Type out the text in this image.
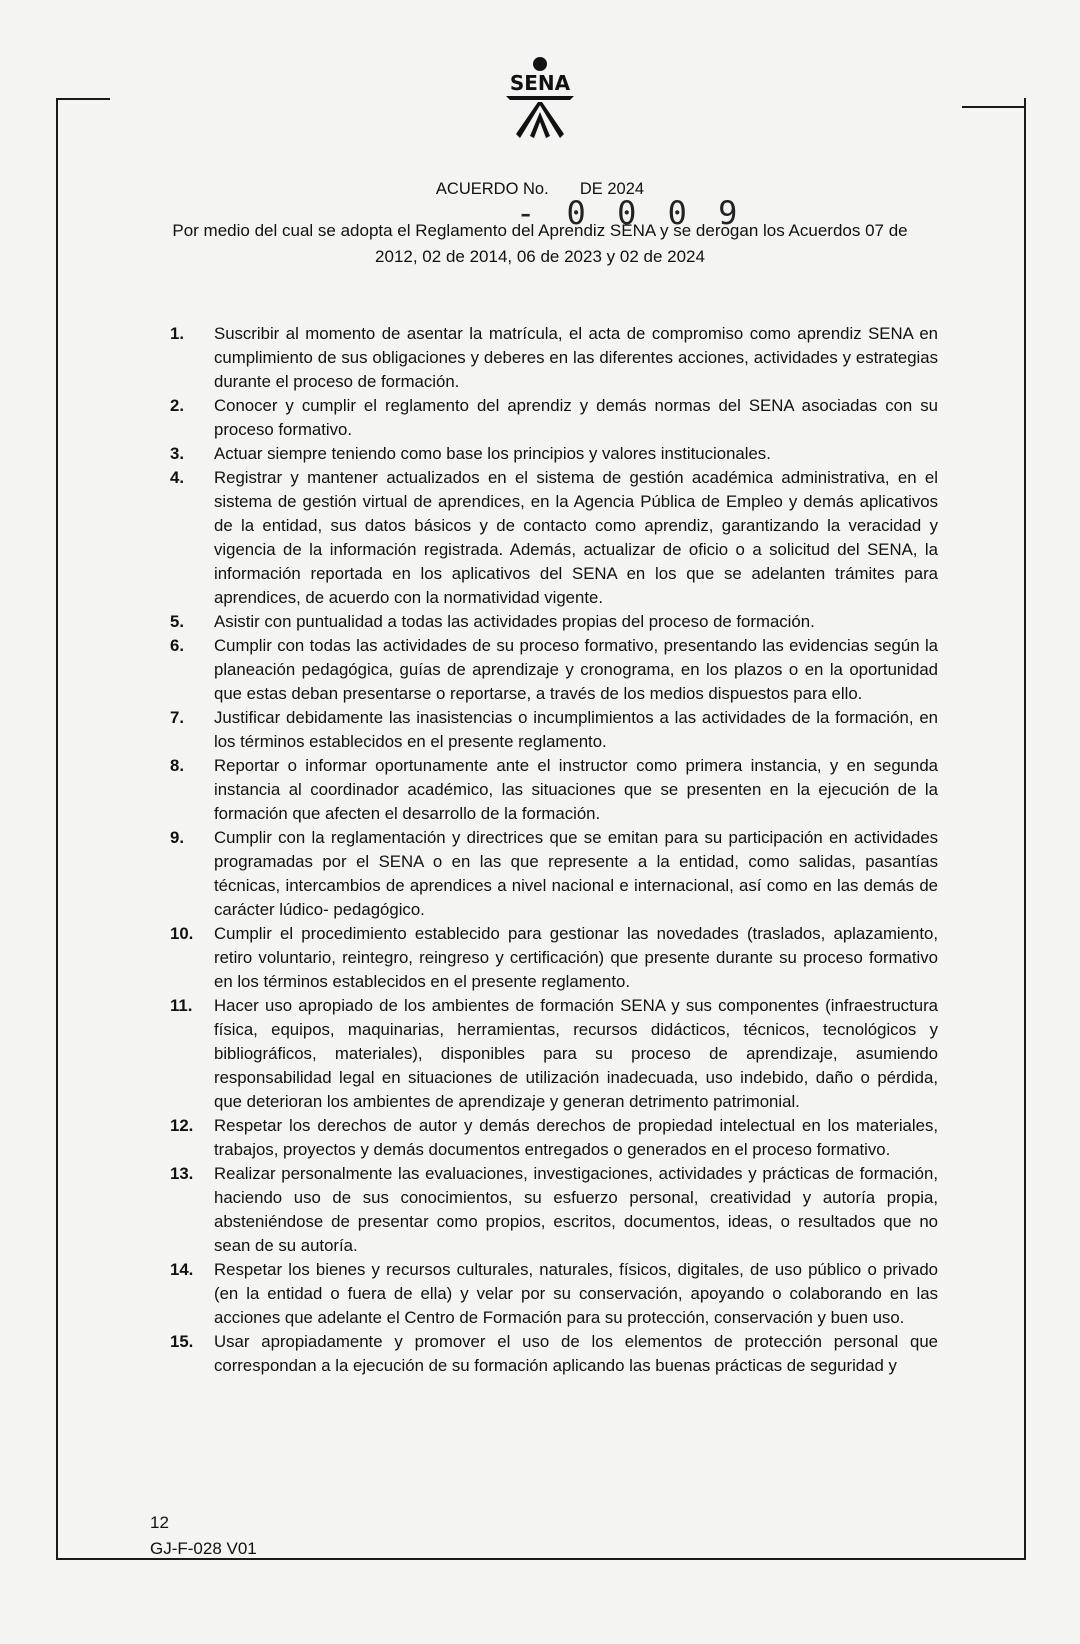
SENA
ACUERDO No. DE 2024
- 0 0 0 9
Por medio del cual se adopta el Reglamento del Aprendiz SENA y se derogan los Acuerdos 07 de
2012, 02 de 2014, 06 de 2023 y 02 de 2024
1.	Suscribir al momento de asentar la matrícula, el acta de compromiso como aprendiz SENA en cumplimiento de sus obligaciones y deberes en las diferentes acciones, actividades y estrategias durante el proceso de formación.
2.	Conocer y cumplir el reglamento del aprendiz y demás normas del SENA asociadas con su proceso formativo.
3.	Actuar siempre teniendo como base los principios y valores institucionales.
4.	Registrar y mantener actualizados en el sistema de gestión académica administrativa, en el sistema de gestión virtual de aprendices, en la Agencia Pública de Empleo y demás aplicativos de la entidad, sus datos básicos y de contacto como aprendiz, garantizando la veracidad y vigencia de la información registrada. Además, actualizar de oficio o a solicitud del SENA, la información reportada en los aplicativos del SENA en los que se adelanten trámites para aprendices, de acuerdo con la normatividad vigente.
5.	Asistir con puntualidad a todas las actividades propias del proceso de formación.
6.	Cumplir con todas las actividades de su proceso formativo, presentando las evidencias según la planeación pedagógica, guías de aprendizaje y cronograma, en los plazos o en la oportunidad que estas deban presentarse o reportarse, a través de los medios dispuestos para ello.
7.	Justificar debidamente las inasistencias o incumplimientos a las actividades de la formación, en los términos establecidos en el presente reglamento.
8.	Reportar o informar oportunamente ante el instructor como primera instancia, y en segunda instancia al coordinador académico, las situaciones que se presenten en la ejecución de la formación que afecten el desarrollo de la formación.
9.	Cumplir con la reglamentación y directrices que se emitan para su participación en actividades programadas por el SENA o en las que represente a la entidad, como salidas, pasantías técnicas, intercambios de aprendices a nivel nacional e internacional, así como en las demás de carácter lúdico- pedagógico.
10.	Cumplir el procedimiento establecido para gestionar las novedades (traslados, aplazamiento, retiro voluntario, reintegro, reingreso y certificación) que presente durante su proceso formativo en los términos establecidos en el presente reglamento.
11.	Hacer uso apropiado de los ambientes de formación SENA y sus componentes (infraestructura física, equipos, maquinarias, herramientas, recursos didácticos, técnicos, tecnológicos y bibliográficos, materiales), disponibles para su proceso de aprendizaje, asumiendo responsabilidad legal en situaciones de utilización inadecuada, uso indebido, daño o pérdida, que deterioran los ambientes de aprendizaje y generan detrimento patrimonial.
12.	Respetar los derechos de autor y demás derechos de propiedad intelectual en los materiales, trabajos, proyectos y demás documentos entregados o generados en el proceso formativo.
13.	Realizar personalmente las evaluaciones, investigaciones, actividades y prácticas de formación, haciendo uso de sus conocimientos, su esfuerzo personal, creatividad y autoría propia, absteniéndose de presentar como propios, escritos, documentos, ideas, o resultados que no sean de su autoría.
14.	Respetar los bienes y recursos culturales, naturales, físicos, digitales, de uso público o privado (en la entidad o fuera de ella) y velar por su conservación, apoyando o colaborando en las acciones que adelante el Centro de Formación para su protección, conservación y buen uso.
15.	Usar apropiadamente y promover el uso de los elementos de protección personal que correspondan a la ejecución de su formación aplicando las buenas prácticas de seguridad y
12
GJ-F-028 V01
